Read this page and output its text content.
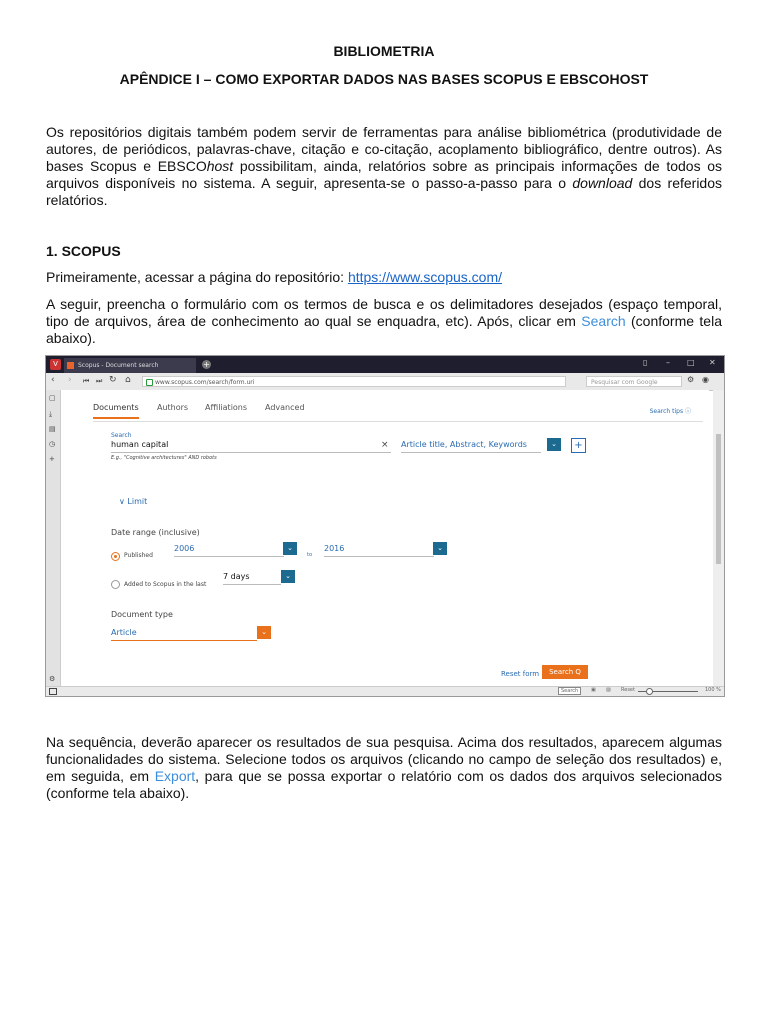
BIBLIOMETRIA
APÊNDICE I – COMO EXPORTAR DADOS NAS BASES SCOPUS E EBSCOHOST
Os repositórios digitais também podem servir de ferramentas para análise bibliométrica (produtividade de autores, de periódicos, palavras-chave, citação e co-citação, acoplamento bibliográfico, dentre outros). As bases Scopus e EBSCOhost possibilitam, ainda, relatórios sobre as principais informações de todos os arquivos disponíveis no sistema. A seguir, apresenta-se o passo-a-passo para o download dos referidos relatórios.
1. SCOPUS
Primeiramente, acessar a página do repositório: https://www.scopus.com/
A seguir, preencha o formulário com os termos de busca e os delimitadores desejados (espaço temporal, tipo de arquivos, área de conhecimento ao qual se enquadra, etc). Após, clicar em Search (conforme tela abaixo).
V	Scopus - Document search	+	▯ – □ ✕
‹ › ⏮ ⏭ ↻ ⌂	www.scopus.com/search/form.uri	Pesquisar com Google	⚙ ◉
▢
⤓
▤
◷
+
⚙
Documents Authors Affiliations Advanced	Search tips ⓘ
Search
human capital	× Article title, Abstract, Keywords	⌄	+
E.g., "Cognitive architectures" AND robots
∨ Limit
Date range (inclusive)
Published
2006	⌄
to
2016	⌄
Added to Scopus in the last
7 days	⌄
Document type
Article	⌄
Reset form	Search Q
Search	▣ ▨ Reset	100 %
Na sequência, deverão aparecer os resultados de sua pesquisa. Acima dos resultados, aparecem algumas funcionalidades do sistema. Selecione todos os arquivos (clicando no campo de seleção dos resultados) e, em seguida, em Export, para que se possa exportar o relatório com os dados dos arquivos selecionados (conforme tela abaixo).
